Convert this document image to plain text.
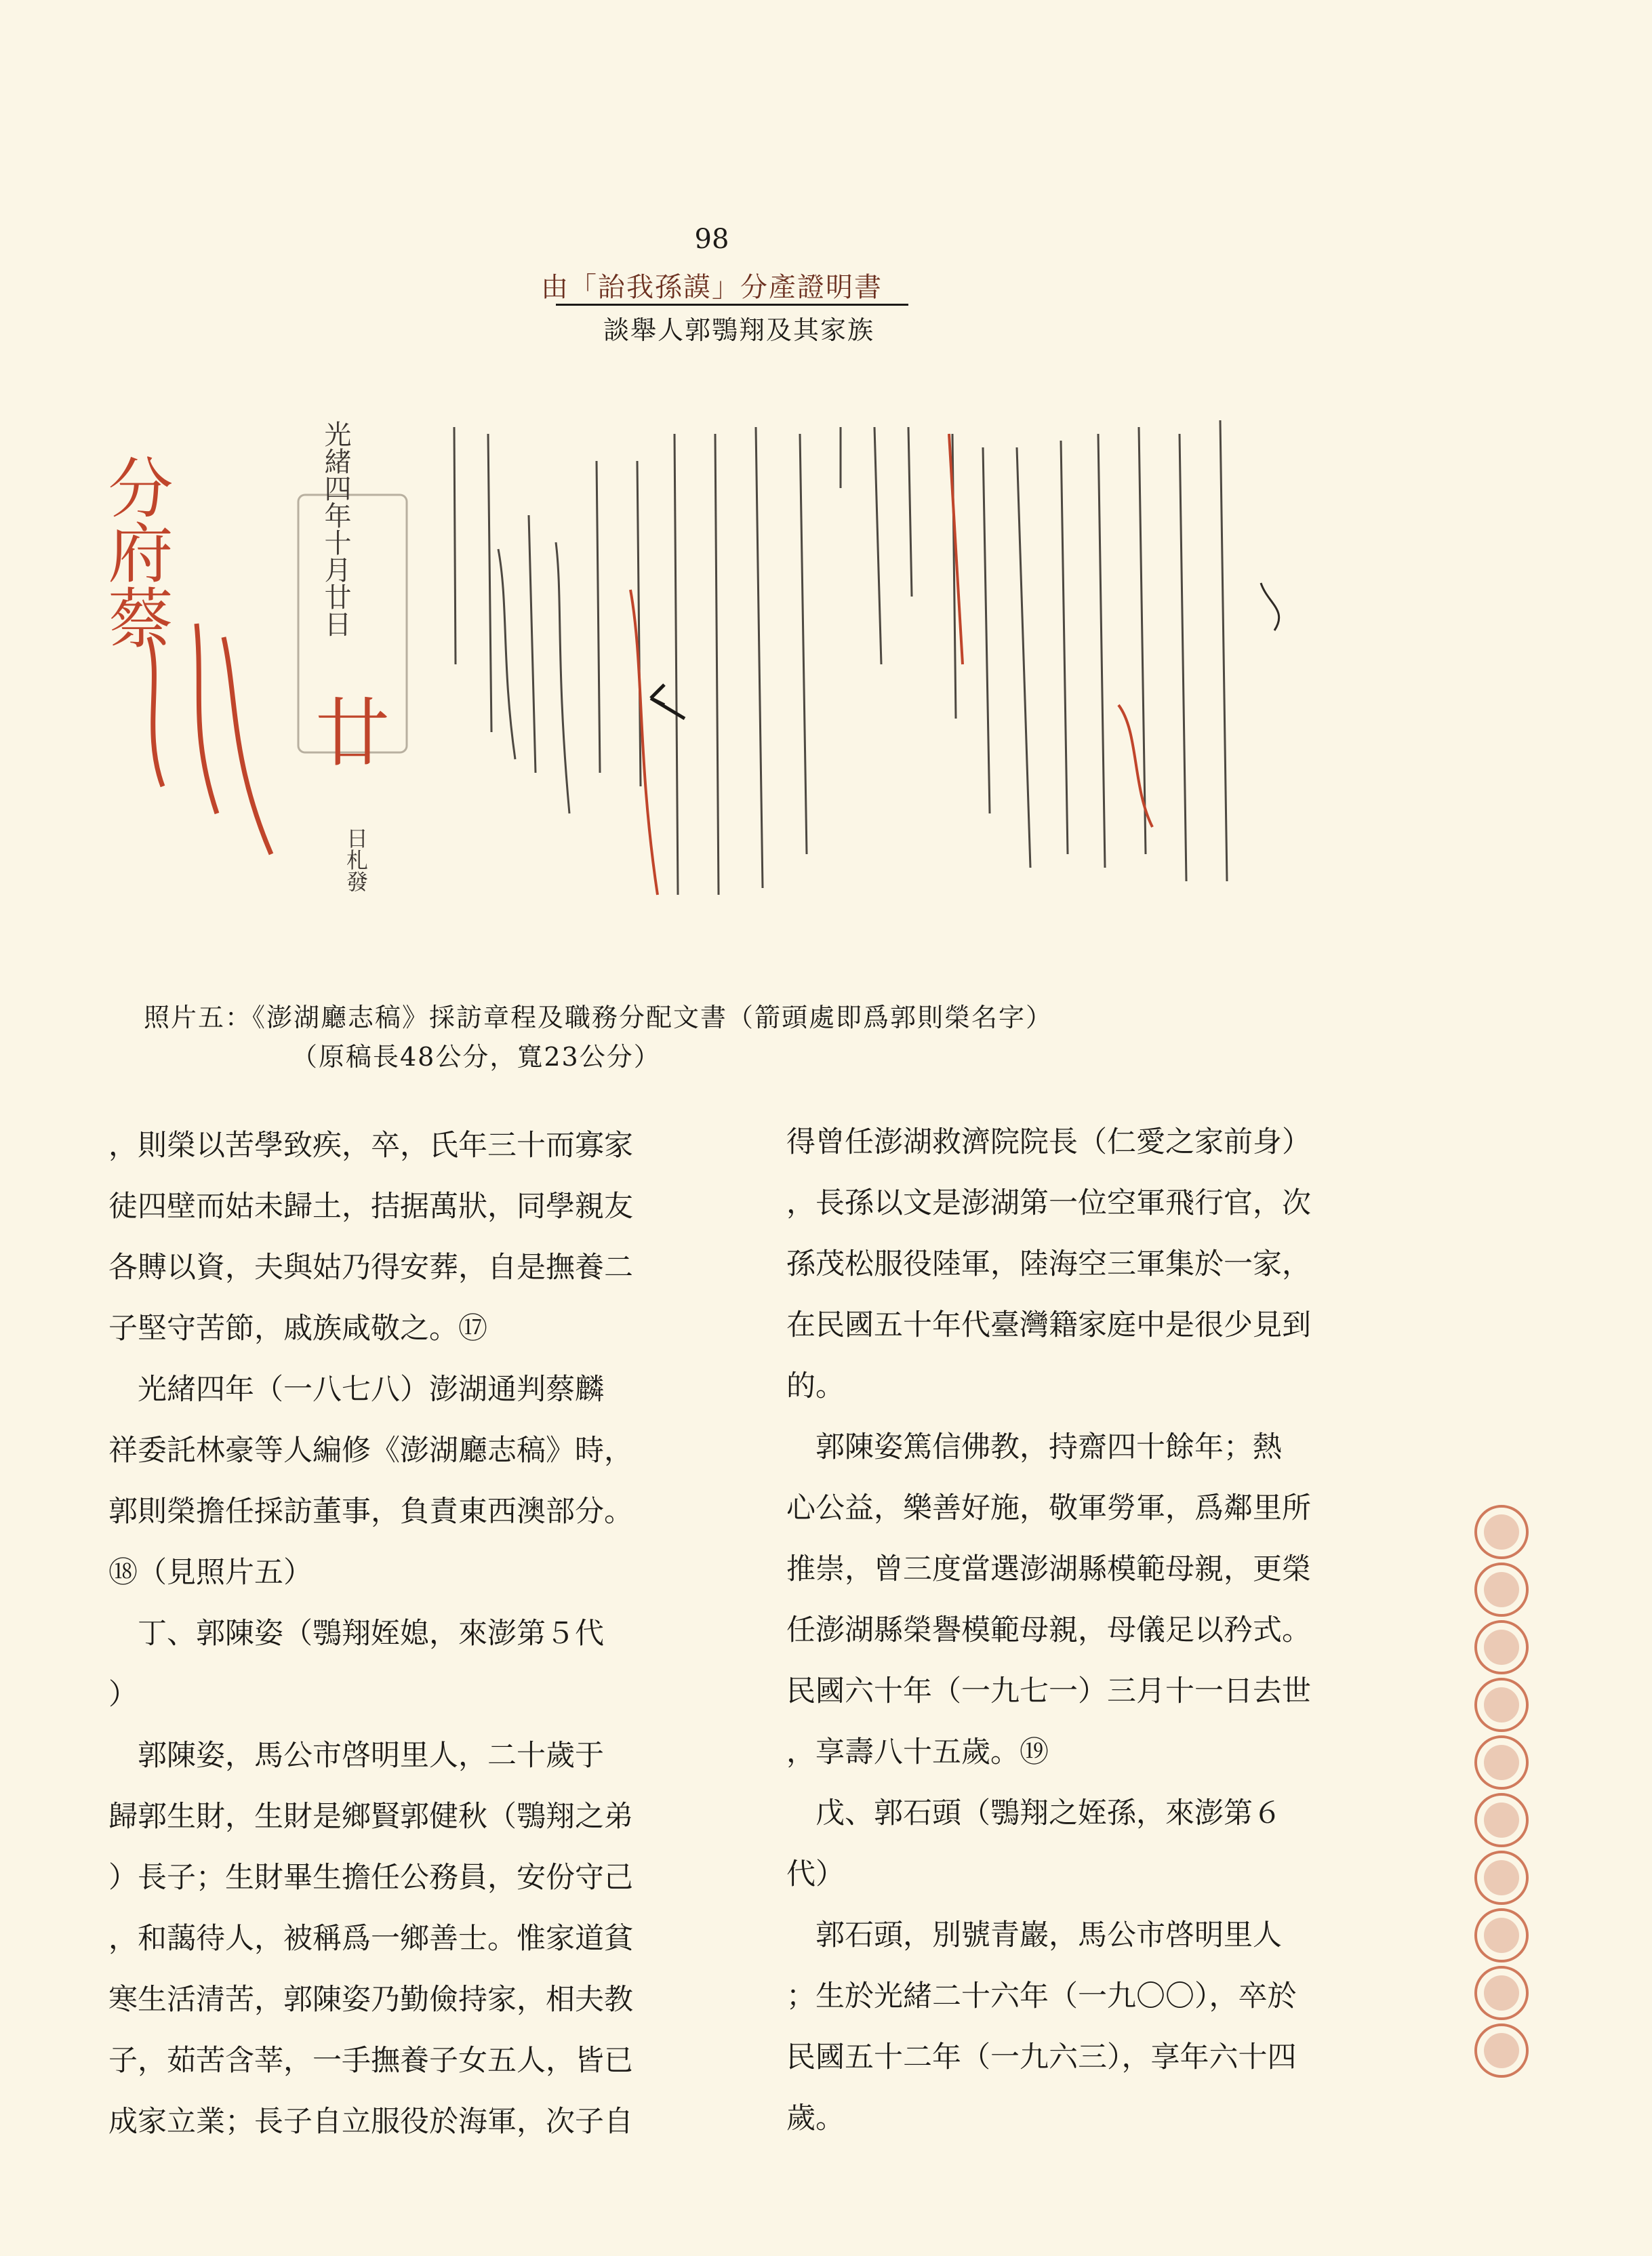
98
由「詒我孫謨」分產證明書
談舉人郭鶚翔及其家族
分府蔡	光緒四年十月廿日
廿
日札發
照片五：《澎湖廳志稿》採訪章程及職務分配文書（箭頭處即爲郭則榮名字）
（原稿長48公分，寬23公分）

，則榮以苦學致疾，卒，氏年三十而寡家

徒四壁而姑未歸土，拮据萬狀，同學親友

各賻以資，夫與姑乃得安葬，自是撫養二

子堅守苦節，戚族咸敬之。⑰

　光緒四年（一八七八）澎湖通判蔡麟

祥委託林豪等人編修《澎湖廳志稿》時，

郭則榮擔任採訪董事，負責東西澳部分。

⑱（見照片五）

　丁、郭陳姿（鶚翔姪媳，來澎第５代

）

　郭陳姿，馬公市啓明里人，二十歲于

歸郭生財，生財是鄉賢郭健秋（鶚翔之弟

）長子；生財畢生擔任公務員，安份守己

，和藹待人，被稱爲一鄉善士。惟家道貧

寒生活清苦，郭陳姿乃勤儉持家，相夫教

子，茹苦含莘，一手撫養子女五人，皆已

成家立業；長子自立服役於海軍，次子自

得曾任澎湖救濟院院長（仁愛之家前身）

，長孫以文是澎湖第一位空軍飛行官，次

孫茂松服役陸軍，陸海空三軍集於一家，

在民國五十年代臺灣籍家庭中是很少見到

的。

　郭陳姿篤信佛教，持齋四十餘年；熱

心公益，樂善好施，敬軍勞軍，爲鄰里所

推崇，曾三度當選澎湖縣模範母親，更榮

任澎湖縣榮譽模範母親，母儀足以矜式。

民國六十年（一九七一）三月十一日去世

，享壽八十五歲。⑲

　戊、郭石頭（鶚翔之姪孫，來澎第６

代）

　郭石頭，別號青巖，馬公市啓明里人

；生於光緒二十六年（一九〇〇），卒於

民國五十二年（一九六三），享年六十四

歲。
